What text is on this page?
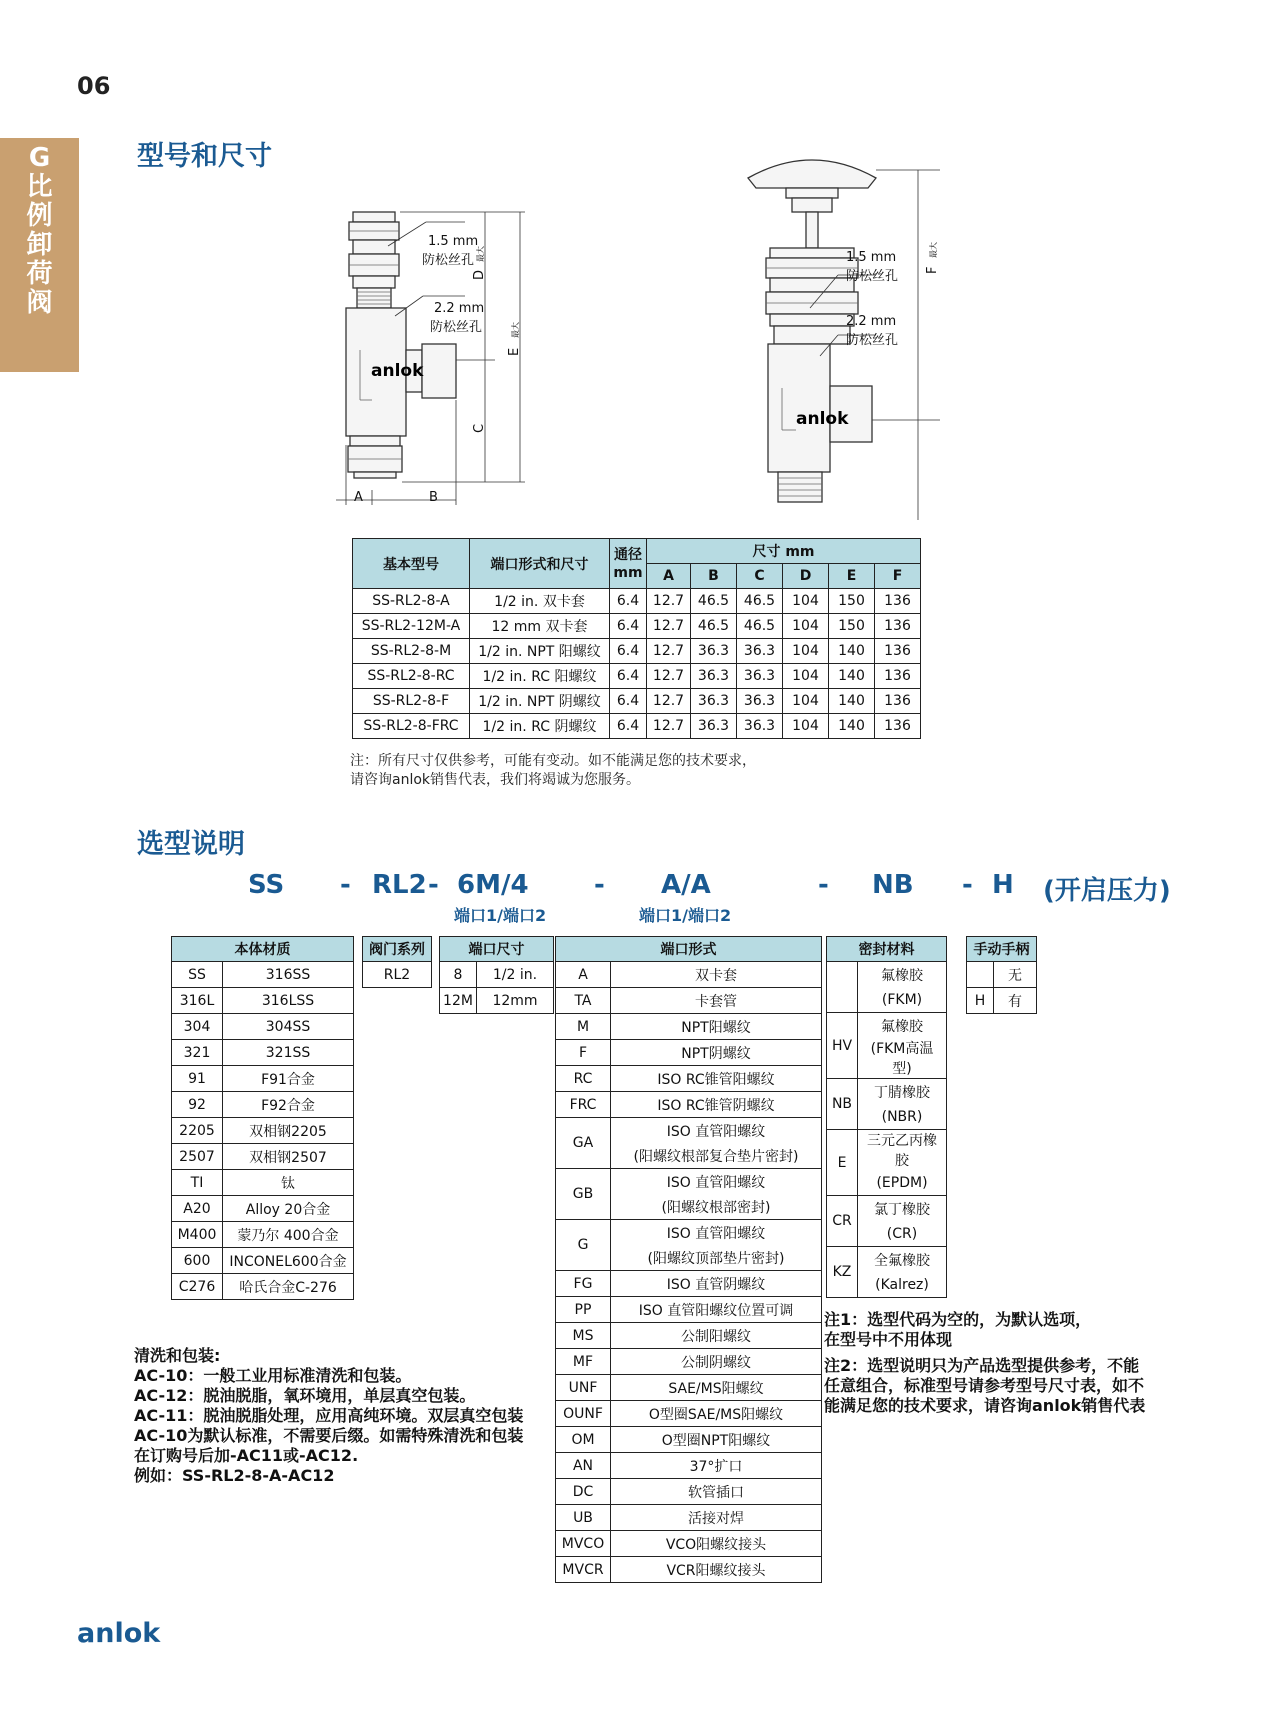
06
G
比
例
卸
荷
阀
型号和尺寸
1.5 mm
防松丝孔
2.2 mm
防松丝孔
anlok
D
最大
E
最大
C
A	B
1.5 mm
防松丝孔
2.2 mm
防松丝孔
anlok
F
最大
基本型号	端口形式和尺寸	通径 mm	尺寸 mm					
			A	B	C	D	E	F
SS-RL2-8-A	1/2 in. 双卡套	6.4	12.7	46.5	46.5	104	150	136
SS-RL2-12M-A	12 mm 双卡套	6.4	12.7	46.5	46.5	104	150	136
SS-RL2-8-M	1/2 in. NPT 阳螺纹	6.4	12.7	36.3	36.3	104	140	136
SS-RL2-8-RC	1/2 in. RC 阳螺纹	6.4	12.7	36.3	36.3	104	140	136
SS-RL2-8-F	1/2 in. NPT 阴螺纹	6.4	12.7	36.3	36.3	104	140	136
SS-RL2-8-FRC	1/2 in. RC 阴螺纹	6.4	12.7	36.3	36.3	104	140	136
注：所有尺寸仅供参考，可能有变动。如不能满足您的技术要求，
请咨询anlok销售代表，我们将竭诚为您服务。
选型说明
SS - RL2 - 6M/4	- A/A	- NB - H (开启压力)
端口1/端口2	端口1/端口2
本体材质	
SS	316SS
316L	316LSS
304	304SS
321	321SS
91	F91合金
92	F92合金
2205	双相钢2205
2507	双相钢2507
TI	钛
A20	Alloy 20合金
M400	蒙乃尔 400合金
600	INCONEL600合金
C276	哈氏合金C-276
阀门系列
RL2
端口尺寸	
8	1/2 in.
12M	12mm
端口形式	
A	双卡套
TA	卡套管
M	NPT阳螺纹
F	NPT阴螺纹
RC	ISO RC锥管阳螺纹
FRC	ISO RC锥管阴螺纹
GA	ISO 直管阳螺纹
	(阳螺纹根部复合垫片密封)
GB	ISO 直管阳螺纹
	(阳螺纹根部密封)
G	ISO 直管阳螺纹
	(阳螺纹顶部垫片密封)
FG	ISO 直管阴螺纹
PP	ISO 直管阳螺纹位置可调
MS	公制阳螺纹
MF	公制阴螺纹
UNF	SAE/MS阳螺纹
OUNF	O型圈SAE/MS阳螺纹
OM	O型圈NPT阳螺纹
AN	37°扩口
DC	软管插口
UB	活接对焊
MVCO	VCO阳螺纹接头
MVCR	VCR阳螺纹接头
密封材料	
	氟橡胶
	(FKM)
HV	氟橡胶
	(FKM高温型)
NB	丁腈橡胶
	(NBR)
E	三元乙丙橡胶
	(EPDM)
CR	氯丁橡胶
	(CR)
KZ	全氟橡胶
	(Kalrez)
手动手柄	
	无
H	有
清洗和包装:
AC-10：一般工业用标准清洗和包装。
AC-12：脱油脱脂，氧环境用，单层真空包装。
AC-11：脱油脱脂处理，应用高纯环境。双层真空包装
AC-10为默认标准，不需要后缀。如需特殊清洗和包装
在订购号后加-AC11或-AC12.
例如：SS-RL2-8-A-AC12
注1：选型代码为空的，为默认选项，
在型号中不用体现
注2：选型说明只为产品选型提供参考，不能
任意组合，标准型号请参考型号尺寸表，如不
能满足您的技术要求，请咨询anlok销售代表
anlok
